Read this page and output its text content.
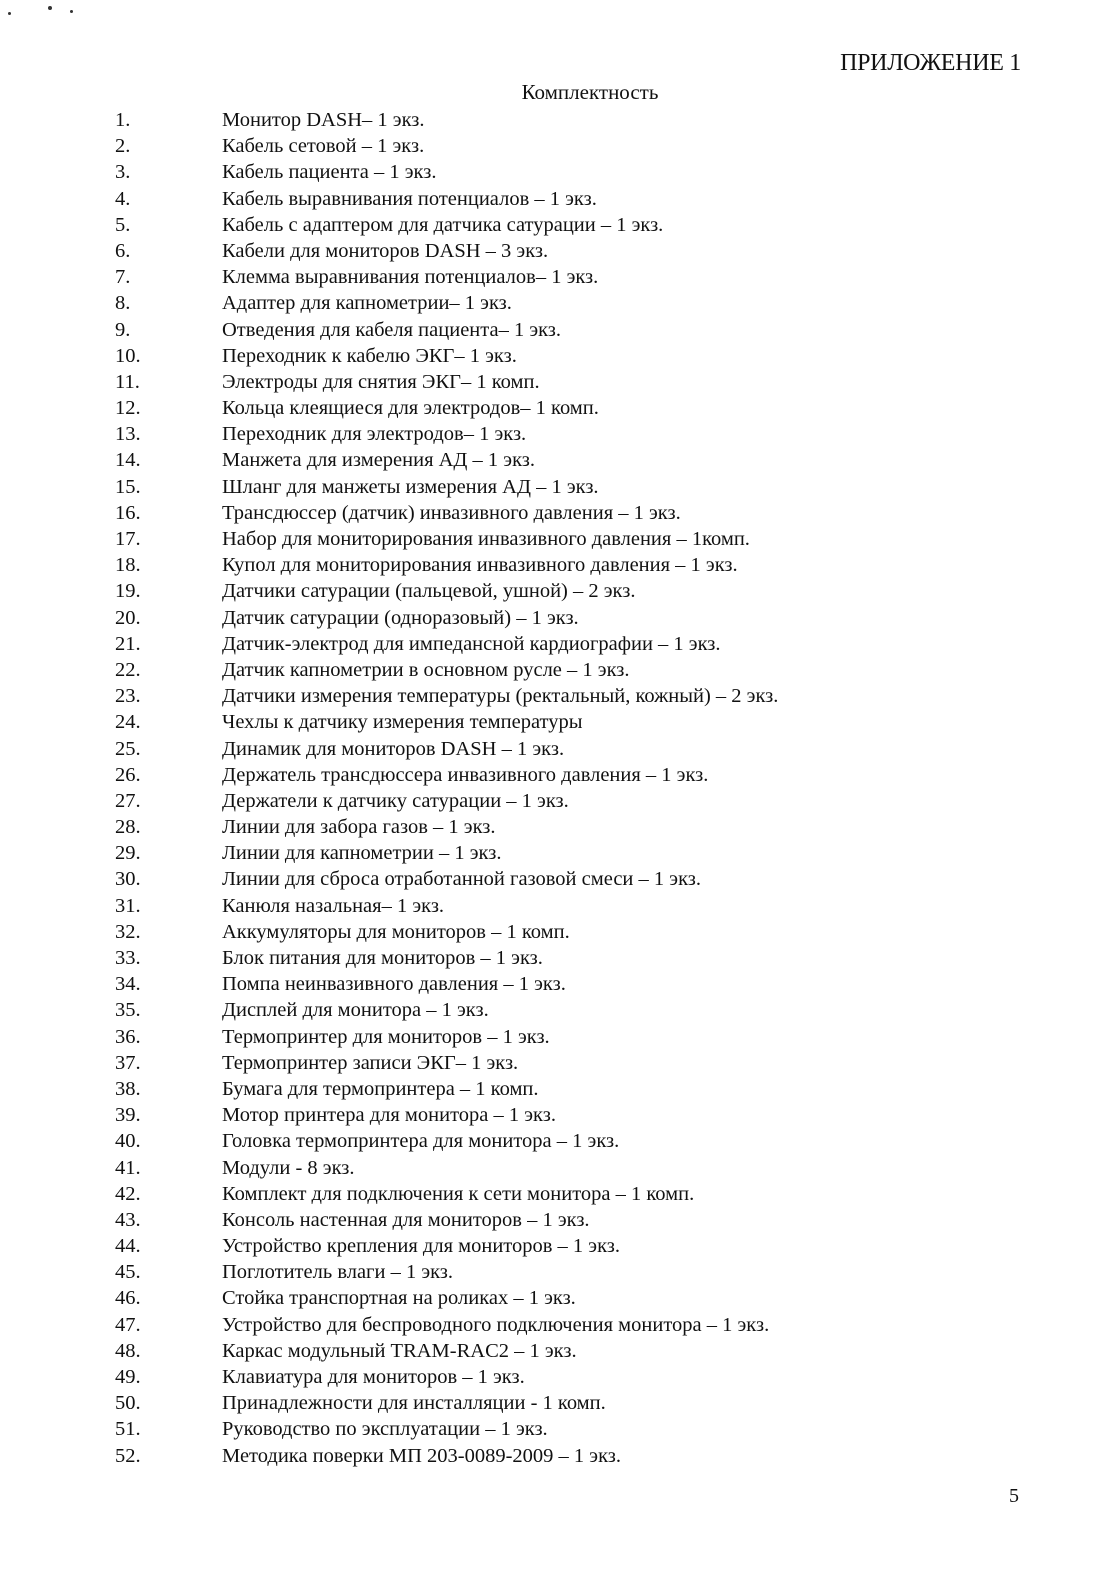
ПРИЛОЖЕНИЕ 1
Комплектность
1.	Монитор DASH– 1 экз.
2.	Кабель сетовой – 1 экз.
3.	Кабель пациента – 1 экз.
4.	Кабель выравнивания потенциалов – 1 экз.
5.	Кабель с адаптером для датчика сатурации – 1 экз.
6.	Кабели для мониторов DASH – 3 экз.
7.	Клемма выравнивания потенциалов– 1 экз.
8.	Адаптер для капнометрии– 1 экз.
9.	Отведения для кабеля пациента– 1 экз.
10.	Переходник к кабелю ЭКГ– 1 экз.
11.	Электроды для снятия ЭКГ– 1 комп.
12.	Кольца клеящиеся для электродов– 1 комп.
13.	Переходник для электродов– 1 экз.
14.	Манжета для измерения АД – 1 экз.
15.	Шланг для манжеты измерения АД – 1 экз.
16.	Трансдюссер (датчик) инвазивного давления – 1 экз.
17.	Набор для мониторирования инвазивного давления – 1комп.
18.	Купол для мониторирования инвазивного давления – 1 экз.
19.	Датчики сатурации (пальцевой, ушной) – 2 экз.
20.	Датчик сатурации (одноразовый) – 1 экз.
21.	Датчик-электрод для импедансной кардиографии – 1 экз.
22.	Датчик капнометрии в основном русле – 1 экз.
23.	Датчики измерения температуры (ректальный, кожный) – 2 экз.
24.	Чехлы к датчику измерения температуры
25.	Динамик для мониторов DASH – 1 экз.
26.	Держатель трансдюссера инвазивного давления – 1 экз.
27.	Держатели к датчику сатурации – 1 экз.
28.	Линии для забора газов – 1 экз.
29.	Линии для капнометрии – 1 экз.
30.	Линии для сброса отработанной газовой смеси – 1 экз.
31.	Канюля назальная– 1 экз.
32.	Аккумуляторы для мониторов – 1 комп.
33.	Блок питания для мониторов – 1 экз.
34.	Помпа неинвазивного давления – 1 экз.
35.	Дисплей для монитора – 1 экз.
36.	Термопринтер для мониторов – 1 экз.
37.	Термопринтер записи ЭКГ– 1 экз.
38.	Бумага для термопринтера – 1 комп.
39.	Мотор принтера для монитора – 1 экз.
40.	Головка термопринтера для монитора – 1 экз.
41.	Модули - 8 экз.
42.	Комплект для подключения к сети монитора – 1 комп.
43.	Консоль настенная для мониторов – 1 экз.
44.	Устройство крепления для мониторов – 1 экз.
45.	Поглотитель влаги – 1 экз.
46.	Стойка транспортная на роликах – 1 экз.
47.	Устройство для беспроводного подключения монитора – 1 экз.
48.	Каркас модульный TRAM-RAC2 – 1 экз.
49.	Клавиатура для мониторов – 1 экз.
50.	Принадлежности для инсталляции - 1 комп.
51.	Руководство по эксплуатации – 1 экз.
52.	Методика поверки МП 203-0089-2009 – 1 экз.
5
